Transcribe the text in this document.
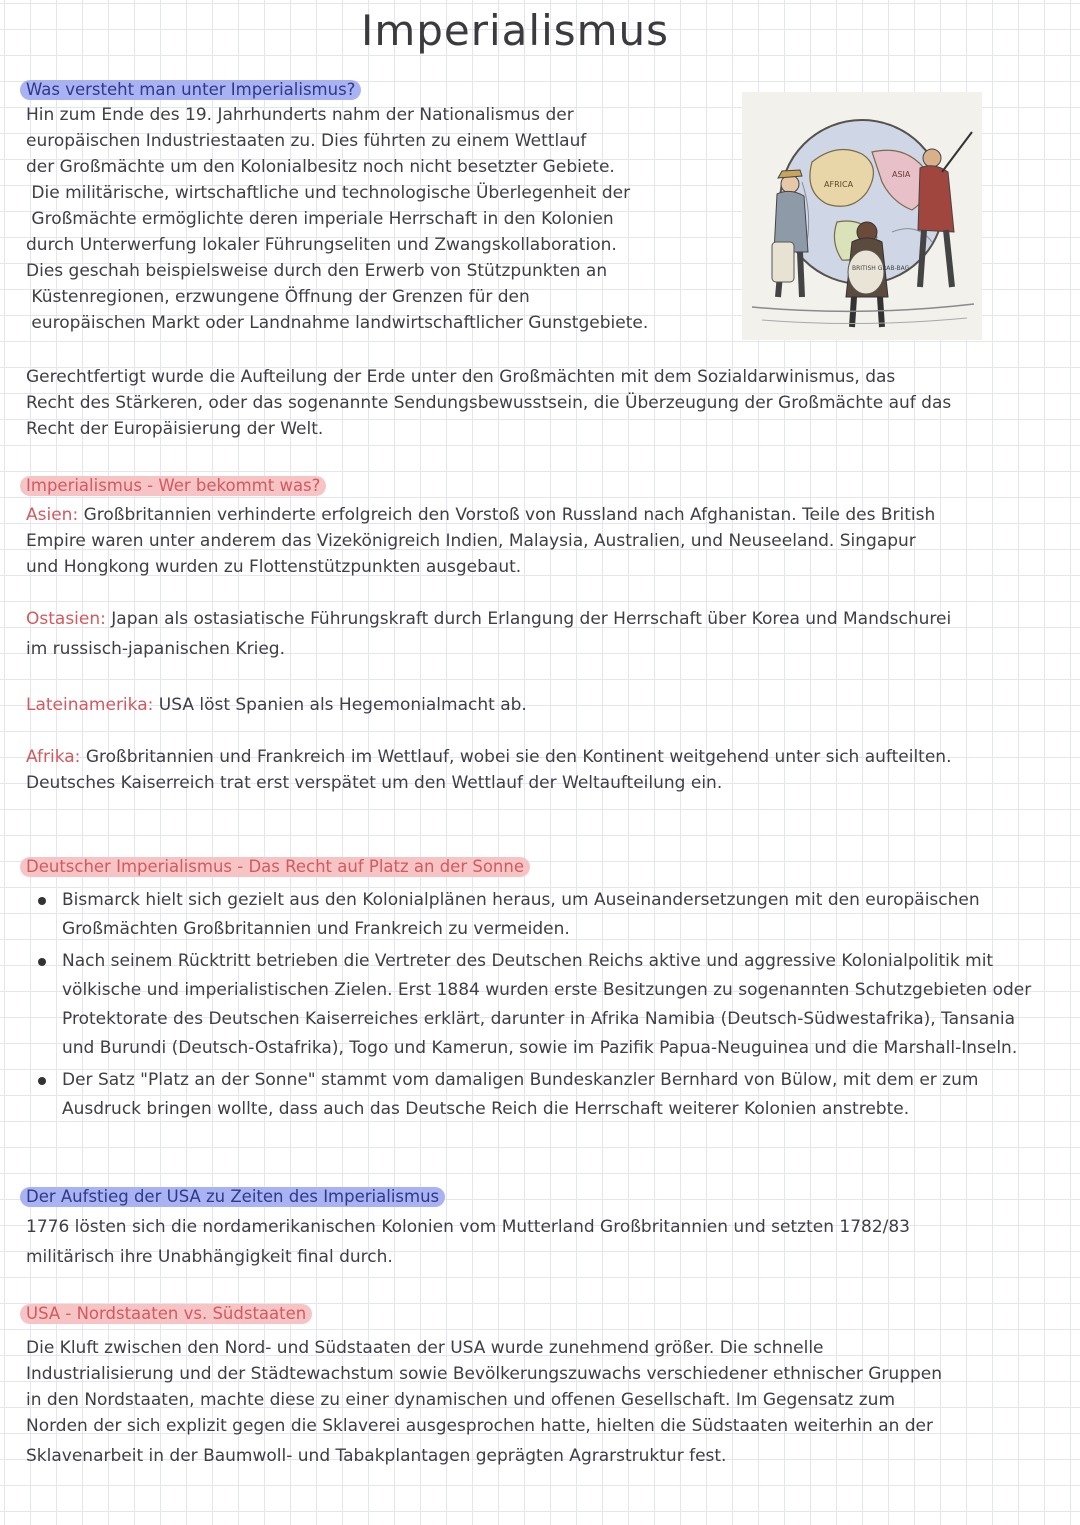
Imperialismus
Was versteht man unter Imperialismus?
Hin zum Ende des 19. Jahrhunderts nahm der Nationalismus der
europäischen Industriestaaten zu. Dies führten zu einem Wettlauf
der Großmächte um den Kolonialbesitz noch nicht besetzter Gebiete.
Die militärische, wirtschaftliche und technologische Überlegenheit der
Großmächte ermöglichte deren imperiale Herrschaft in den Kolonien
durch Unterwerfung lokaler Führungseliten und Zwangskollaboration.
Dies geschah beispielsweise durch den Erwerb von Stützpunkten an
Küstenregionen, erzwungene Öffnung der Grenzen für den
europäischen Markt oder Landnahme landwirtschaftlicher Gunstgebiete.
AFRICA
ASIA
BRITISH GRAB-BAG
Gerechtfertigt wurde die Aufteilung der Erde unter den Großmächten mit dem Sozialdarwinismus, das
Recht des Stärkeren, oder das sogenannte Sendungsbewusstsein, die Überzeugung der Großmächte auf das
Recht der Europäisierung der Welt.
Imperialismus - Wer bekommt was?
Asien: Großbritannien verhinderte erfolgreich den Vorstoß von Russland nach Afghanistan. Teile des British
Empire waren unter anderem das Vizekönigreich Indien, Malaysia, Australien, und Neuseeland. Singapur
und Hongkong wurden zu Flottenstützpunkten ausgebaut.
Ostasien: Japan als ostasiatische Führungskraft durch Erlangung der Herrschaft über Korea und Mandschurei
im russisch-japanischen Krieg.
Lateinamerika: USA löst Spanien als Hegemonialmacht ab.
Afrika: Großbritannien und Frankreich im Wettlauf, wobei sie den Kontinent weitgehend unter sich aufteilten.
Deutsches Kaiserreich trat erst verspätet um den Wettlauf der Weltaufteilung ein.
Deutscher Imperialismus - Das Recht auf Platz an der Sonne
Bismarck hielt sich gezielt aus den Kolonialplänen heraus, um Auseinandersetzungen mit den europäischen Großmächten Großbritannien und Frankreich zu vermeiden.
Nach seinem Rücktritt betrieben die Vertreter des Deutschen Reichs aktive und aggressive Kolonialpolitik mit völkische und imperialistischen Zielen. Erst 1884 wurden erste Besitzungen zu sogenannten Schutzgebieten oder Protektorate des Deutschen Kaiserreiches erklärt, darunter in Afrika Namibia (Deutsch-Südwestafrika), Tansania und Burundi (Deutsch-Ostafrika), Togo und Kamerun, sowie im Pazifik Papua-Neuguinea und die Marshall-Inseln.
Der Satz "Platz an der Sonne" stammt vom damaligen Bundeskanzler Bernhard von Bülow, mit dem er zum Ausdruck bringen wollte, dass auch das Deutsche Reich die Herrschaft weiterer Kolonien anstrebte.
Der Aufstieg der USA zu Zeiten des Imperialismus
1776 lösten sich die nordamerikanischen Kolonien vom Mutterland Großbritannien und setzten 1782/83
militärisch ihre Unabhängigkeit final durch.
USA - Nordstaaten vs. Südstaaten
Die Kluft zwischen den Nord- und Südstaaten der USA wurde zunehmend größer. Die schnelle
Industrialisierung und der Städtewachstum sowie Bevölkerungszuwachs verschiedener ethnischer Gruppen
in den Nordstaaten, machte diese zu einer dynamischen und offenen Gesellschaft. Im Gegensatz zum
Norden der sich explizit gegen die Sklaverei ausgesprochen hatte, hielten die Südstaaten weiterhin an der
Sklavenarbeit in der Baumwoll- und Tabakplantagen geprägten Agrarstruktur fest.
